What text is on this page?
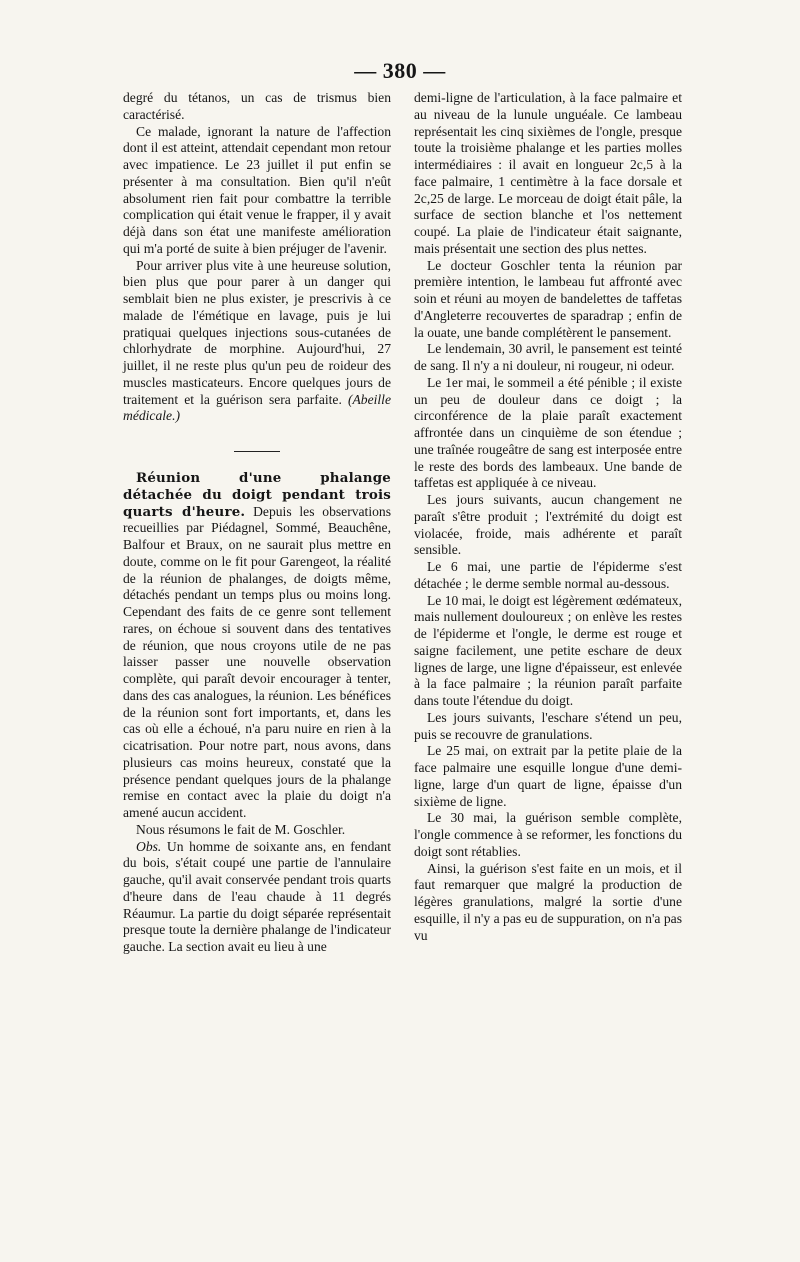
— 380 —

degré du tétanos, un cas de trismus bien caractérisé.

Ce malade, ignorant la nature de l'affection dont il est atteint, attendait cependant mon retour avec impatience. Le 23 juillet il put enfin se présenter à ma consultation. Bien qu'il n'eût absolument rien fait pour combattre la terrible complication qui était venue le frapper, il y avait déjà dans son état une manifeste amélioration qui m'a porté de suite à bien préjuger de l'avenir.

Pour arriver plus vite à une heureuse solution, bien plus que pour parer à un danger qui semblait bien ne plus exister, je prescrivis à ce malade de l'émétique en lavage, puis je lui pratiquai quelques injections sous-cutanées de chlorhydrate de morphine. Aujourd'hui, 27 juillet, il ne reste plus qu'un peu de roideur des muscles masticateurs. Encore quelques jours de traitement et la guérison sera parfaite. (Abeille médicale.)

Réunion d'une phalange détachée du doigt pendant trois quarts d'heure. Depuis les observations recueillies par Piédagnel, Sommé, Beauchêne, Balfour et Braux, on ne saurait plus mettre en doute, comme on le fit pour Garengeot, la réalité de la réunion de phalanges, de doigts même, détachés pendant un temps plus ou moins long. Cependant des faits de ce genre sont tellement rares, on échoue si souvent dans des tentatives de réunion, que nous croyons utile de ne pas laisser passer une nouvelle observation complète, qui paraît devoir encourager à tenter, dans des cas analogues, la réunion. Les bénéfices de la réunion sont fort importants, et, dans les cas où elle a échoué, n'a paru nuire en rien à la cicatrisation. Pour notre part, nous avons, dans plusieurs cas moins heureux, constaté que la présence pendant quelques jours de la phalange remise en contact avec la plaie du doigt n'a amené aucun accident.

Nous résumons le fait de M. Goschler.

Obs. Un homme de soixante ans, en fendant du bois, s'était coupé une partie de l'annulaire gauche, qu'il avait conservée pendant trois quarts d'heure dans de l'eau chaude à 11 degrés Réaumur. La partie du doigt séparée représentait presque toute la dernière phalange de l'indicateur gauche. La section avait eu lieu à une

demi-ligne de l'articulation, à la face palmaire et au niveau de la lunule unguéale. Ce lambeau représentait les cinq sixièmes de l'ongle, presque toute la troisième phalange et les parties molles intermédiaires : il avait en longueur 2c,5 à la face palmaire, 1 centimètre à la face dorsale et 2c,25 de large. Le morceau de doigt était pâle, la surface de section blanche et l'os nettement coupé. La plaie de l'indicateur était saignante, mais présentait une section des plus nettes.

Le docteur Goschler tenta la réunion par première intention, le lambeau fut affronté avec soin et réuni au moyen de bandelettes de taffetas d'Angleterre recouvertes de sparadrap ; enfin de la ouate, une bande complétèrent le pansement.

Le lendemain, 30 avril, le pansement est teinté de sang. Il n'y a ni douleur, ni rougeur, ni odeur.

Le 1er mai, le sommeil a été pénible ; il existe un peu de douleur dans ce doigt ; la circonférence de la plaie paraît exactement affrontée dans un cinquième de son étendue ; une traînée rougeâtre de sang est interposée entre le reste des bords des lambeaux. Une bande de taffetas est appliquée à ce niveau.

Les jours suivants, aucun changement ne paraît s'être produit ; l'extrémité du doigt est violacée, froide, mais adhérente et paraît sensible.

Le 6 mai, une partie de l'épiderme s'est détachée ; le derme semble normal au-dessous.

Le 10 mai, le doigt est légèrement œdémateux, mais nullement douloureux ; on enlève les restes de l'épiderme et l'ongle, le derme est rouge et saigne facilement, une petite eschare de deux lignes de large, une ligne d'épaisseur, est enlevée à la face palmaire ; la réunion paraît parfaite dans toute l'étendue du doigt.

Les jours suivants, l'eschare s'étend un peu, puis se recouvre de granulations.

Le 25 mai, on extrait par la petite plaie de la face palmaire une esquille longue d'une demi-ligne, large d'un quart de ligne, épaisse d'un sixième de ligne.

Le 30 mai, la guérison semble complète, l'ongle commence à se reformer, les fonctions du doigt sont rétablies.

Ainsi, la guérison s'est faite en un mois, et il faut remarquer que malgré la production de légères granulations, malgré la sortie d'une esquille, il n'y a pas eu de suppuration, on n'a pas vu
